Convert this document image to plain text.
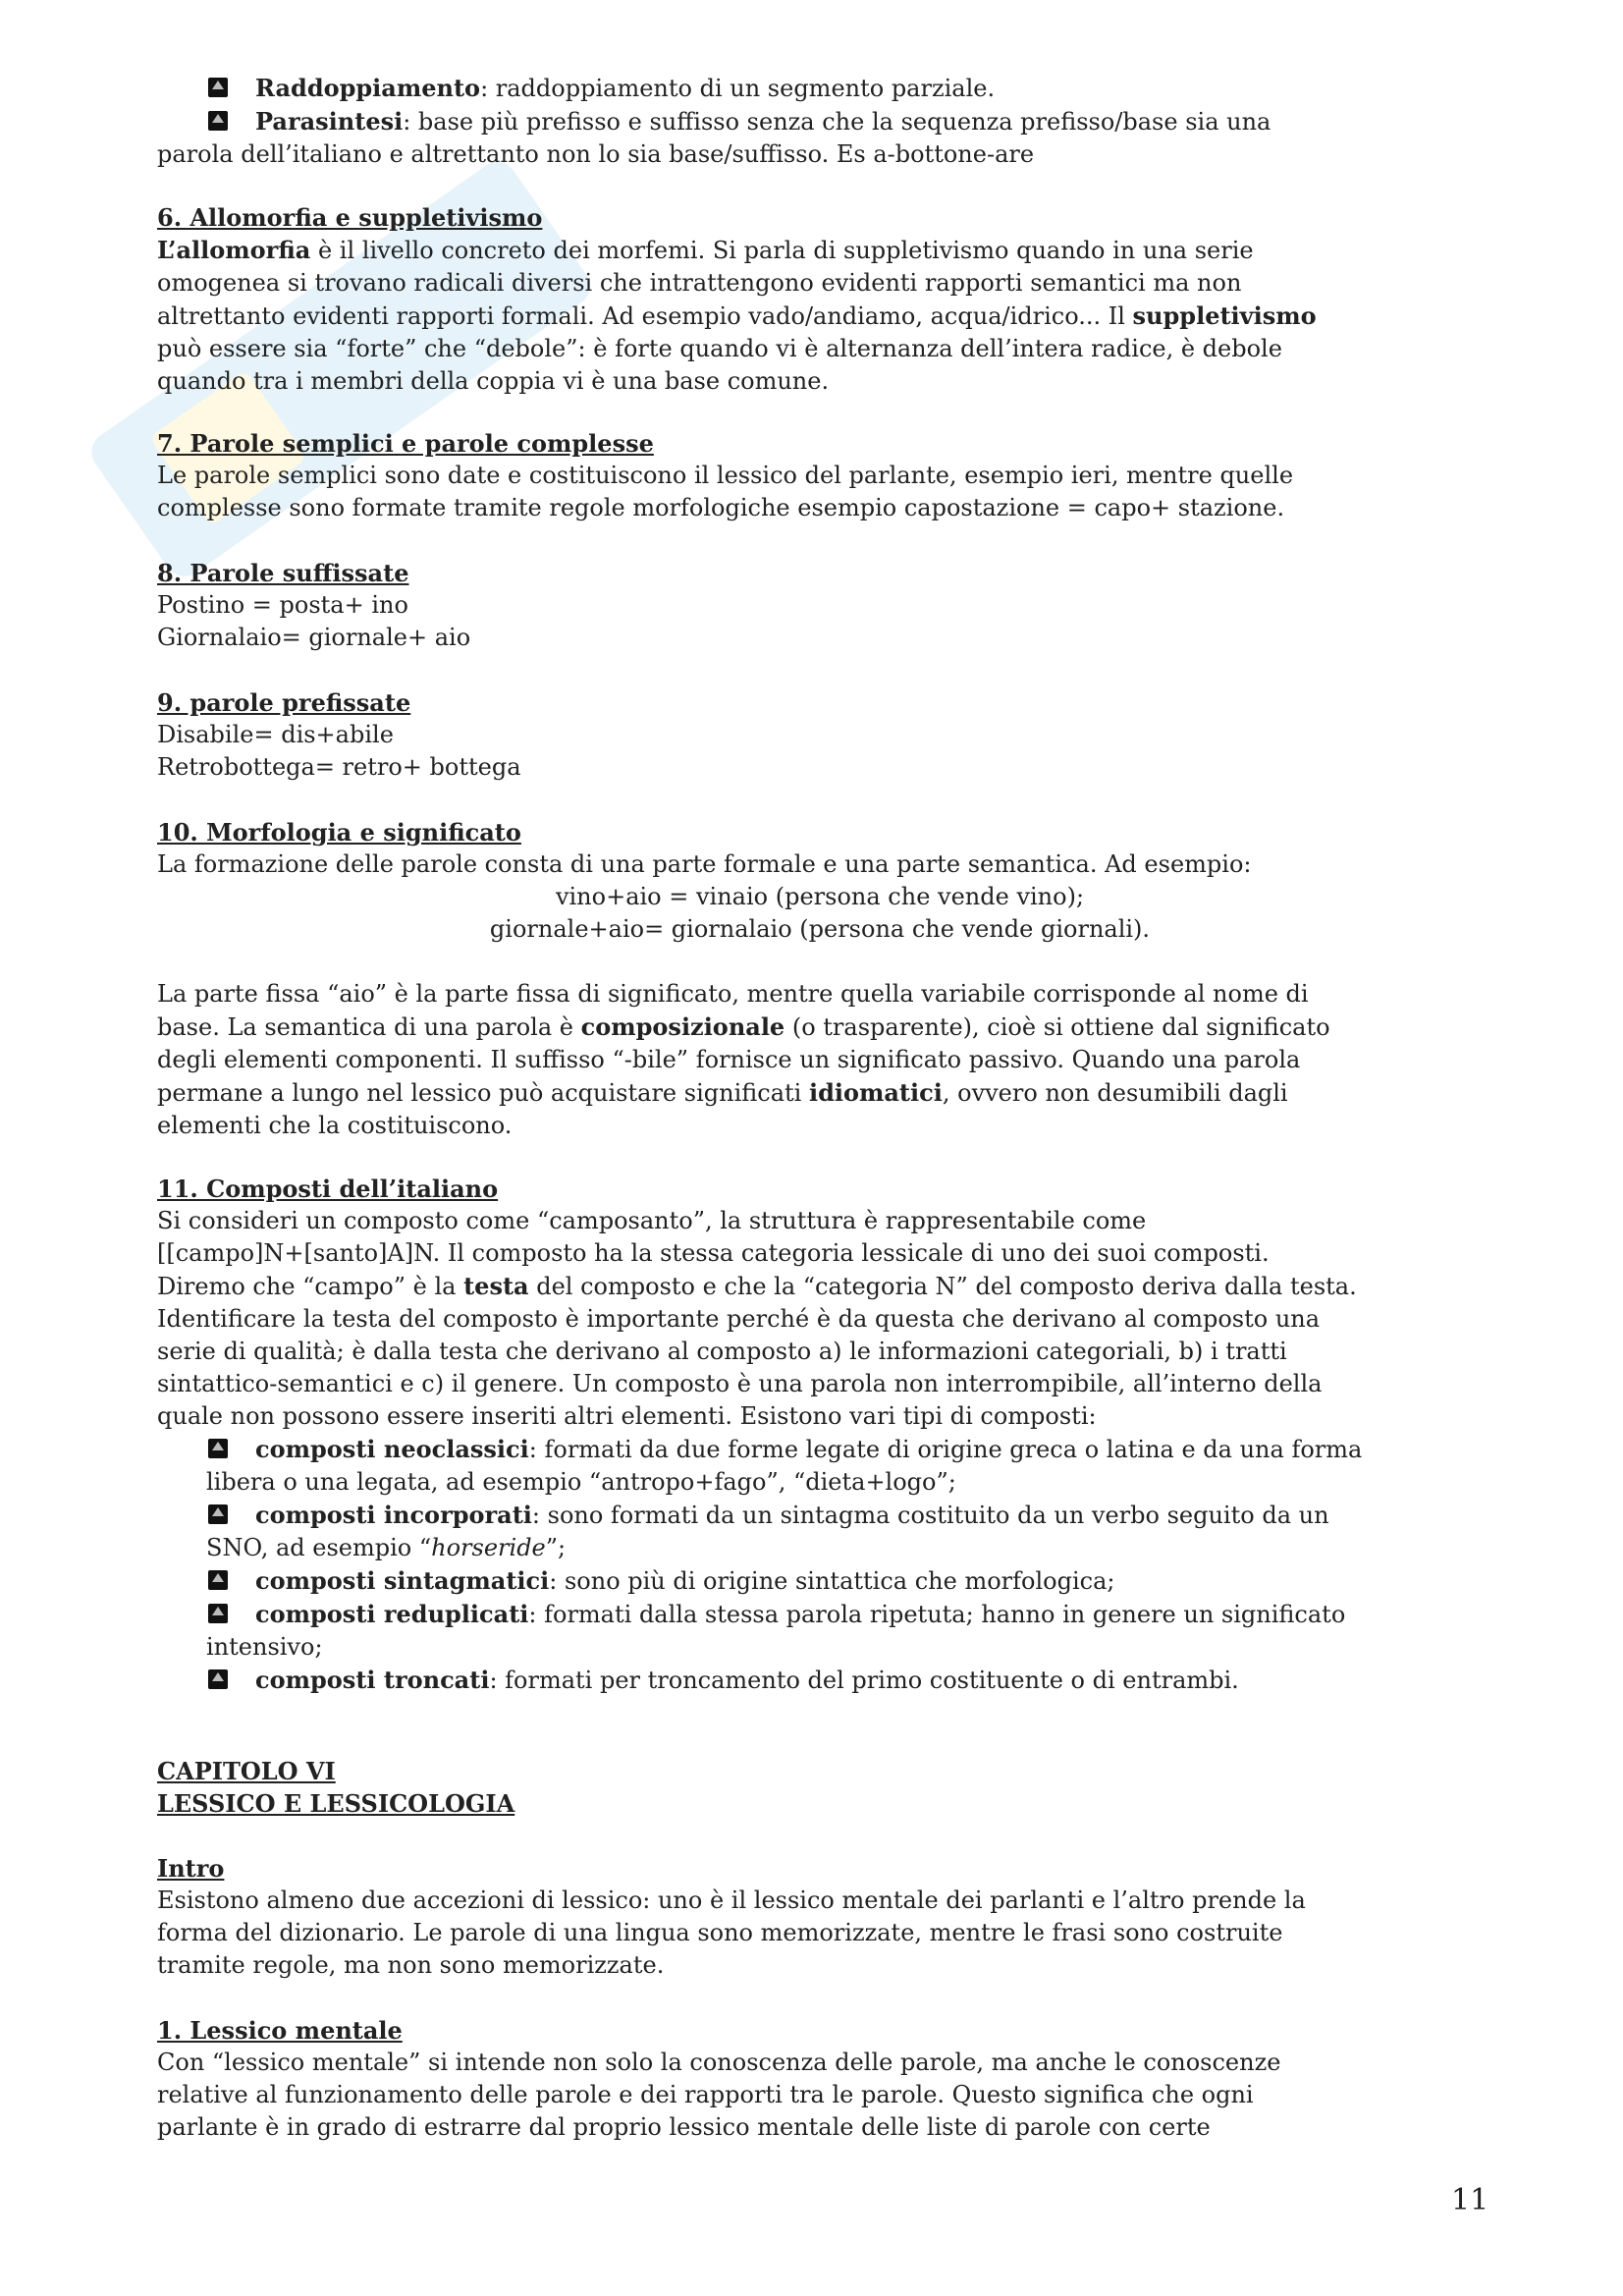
Raddoppiamento: raddoppiamento di un segmento parziale.
Parasintesi: base più prefisso e suffisso senza che la sequenza prefisso/base sia una

parola dell’italiano e altrettanto non lo sia base/suffisso. Es a-bottone-are

6. Allomorfia e suppletivismo

L’allomorfia è il livello concreto dei morfemi. Si parla di suppletivismo quando in una serie

omogenea si trovano radicali diversi che intrattengono evidenti rapporti semantici ma non

altrettanto evidenti rapporti formali. Ad esempio vado/andiamo, acqua/idrico... Il suppletivismo

può essere sia “forte” che “debole”: è forte quando vi è alternanza dell’intera radice, è debole

quando tra i membri della coppia vi è una base comune.

7. Parole semplici e parole complesse

Le parole semplici sono date e costituiscono il lessico del parlante, esempio ieri, mentre quelle

complesse sono formate tramite regole morfologiche esempio capostazione = capo+ stazione.

8. Parole suffissate

Postino = posta+ ino

Giornalaio= giornale+ aio

9. parole prefissate

Disabile= dis+abile

Retrobottega= retro+ bottega

10. Morfologia e significato

La formazione delle parole consta di una parte formale e una parte semantica. Ad esempio:

vino+aio = vinaio (persona che vende vino);

giornale+aio= giornalaio (persona che vende giornali).

La parte fissa “aio” è la parte fissa di significato, mentre quella variabile corrisponde al nome di

base. La semantica di una parola è composizionale (o trasparente), cioè si ottiene dal significato

degli elementi componenti. Il suffisso “-bile” fornisce un significato passivo. Quando una parola

permane a lungo nel lessico può acquistare significati idiomatici, ovvero non desumibili dagli

elementi che la costituiscono.

11. Composti dell’italiano

Si consideri un composto come “camposanto”, la struttura è rappresentabile come

[[campo]N+[santo]A]N. Il composto ha la stessa categoria lessicale di uno dei suoi composti.

Diremo che “campo” è la testa del composto e che la “categoria N” del composto deriva dalla testa.

Identificare la testa del composto è importante perché è da questa che derivano al composto una

serie di qualità; è dalla testa che derivano al composto a) le informazioni categoriali, b) i tratti

sintattico-semantici e c) il genere. Un composto è una parola non interrompibile, all’interno della

quale non possono essere inseriti altri elementi. Esistono vari tipi di composti:

composti neoclassici: formati da due forme legate di origine greca o latina e da una forma

libera o una legata, ad esempio “antropo+fago”, “dieta+logo”;

composti incorporati: sono formati da un sintagma costituito da un verbo seguito da un

SNO, ad esempio “horseride”;

composti sintagmatici: sono più di origine sintattica che morfologica;
composti reduplicati: formati dalla stessa parola ripetuta; hanno in genere un significato

intensivo;

composti troncati: formati per troncamento del primo costituente o di entrambi.
CAPITOLO VI
LESSICO E LESSICOLOGIA
Intro

Esistono almeno due accezioni di lessico: uno è il lessico mentale dei parlanti e l’altro prende la

forma del dizionario. Le parole di una lingua sono memorizzate, mentre le frasi sono costruite

tramite regole, ma non sono memorizzate.

1. Lessico mentale

Con “lessico mentale” si intende non solo la conoscenza delle parole, ma anche le conoscenze

relative al funzionamento delle parole e dei rapporti tra le parole. Questo significa che ogni

parlante è in grado di estrarre dal proprio lessico mentale delle liste di parole con certe

11
